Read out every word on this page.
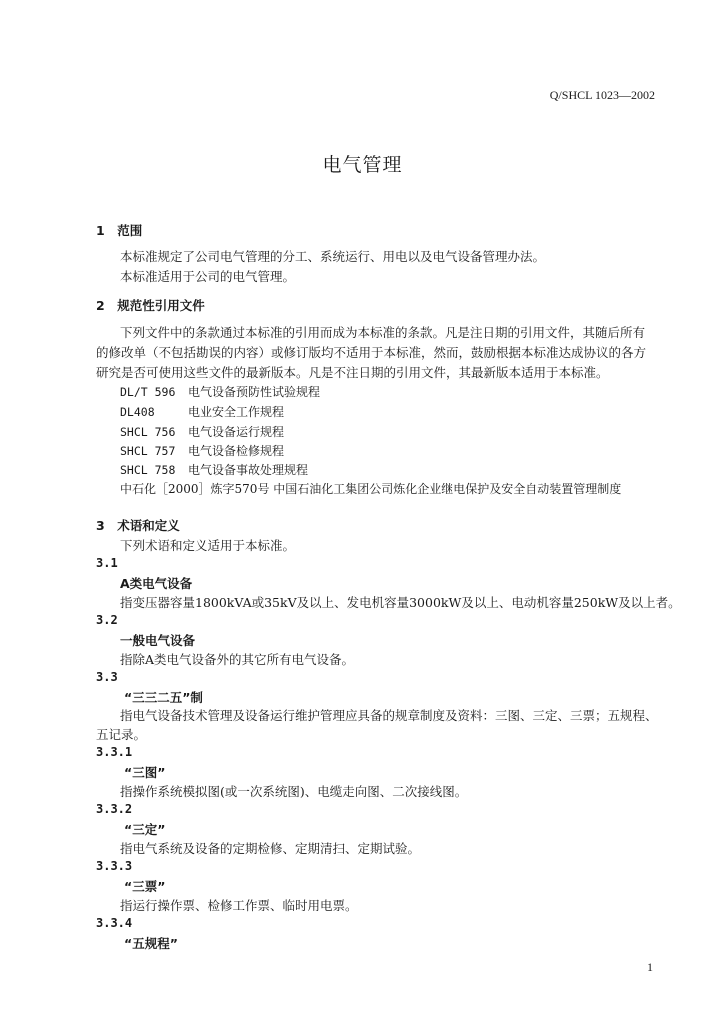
Q/SHCL 1023—2002
电气管理
1　范围
本标准规定了公司电气管理的分工、系统运行、用电以及电气设备管理办法。
本标准适用于公司的电气管理。
2　规范性引用文件
下列文件中的条款通过本标准的引用而成为本标准的条款。凡是注日期的引用文件，其随后所有
的修改单（不包括勘误的内容）或修订版均不适用于本标准，然而，鼓励根据本标准达成协议的各方
研究是否可使用这些文件的最新版本。凡是不注日期的引用文件，其最新版本适用于本标准。
DL/T 596 电气设备预防性试验规程
DL408	电业安全工作规程
SHCL 756 电气设备运行规程
SHCL 757 电气设备检修规程
SHCL 758 电气设备事故处理规程
中石化［2000］炼字570号 中国石油化工集团公司炼化企业继电保护及安全自动装置管理制度
3　术语和定义
下列术语和定义适用于本标准。
3.1
A类电气设备
指变压器容量1800kVA或35kV及以上、发电机容量3000kW及以上、电动机容量250kW及以上者。
3.2
一般电气设备
指除A类电气设备外的其它所有电气设备。
3.3
“三三二五”制
指电气设备技术管理及设备运行维护管理应具备的规章制度及资料：三图、三定、三票；五规程、
五记录。
3.3.1
“三图”
指操作系统模拟图(或一次系统图)、电缆走向图、二次接线图。
3.3.2
“三定”
指电气系统及设备的定期检修、定期清扫、定期试验。
3.3.3
“三票”
指运行操作票、检修工作票、临时用电票。
3.3.4
“五规程”
1
